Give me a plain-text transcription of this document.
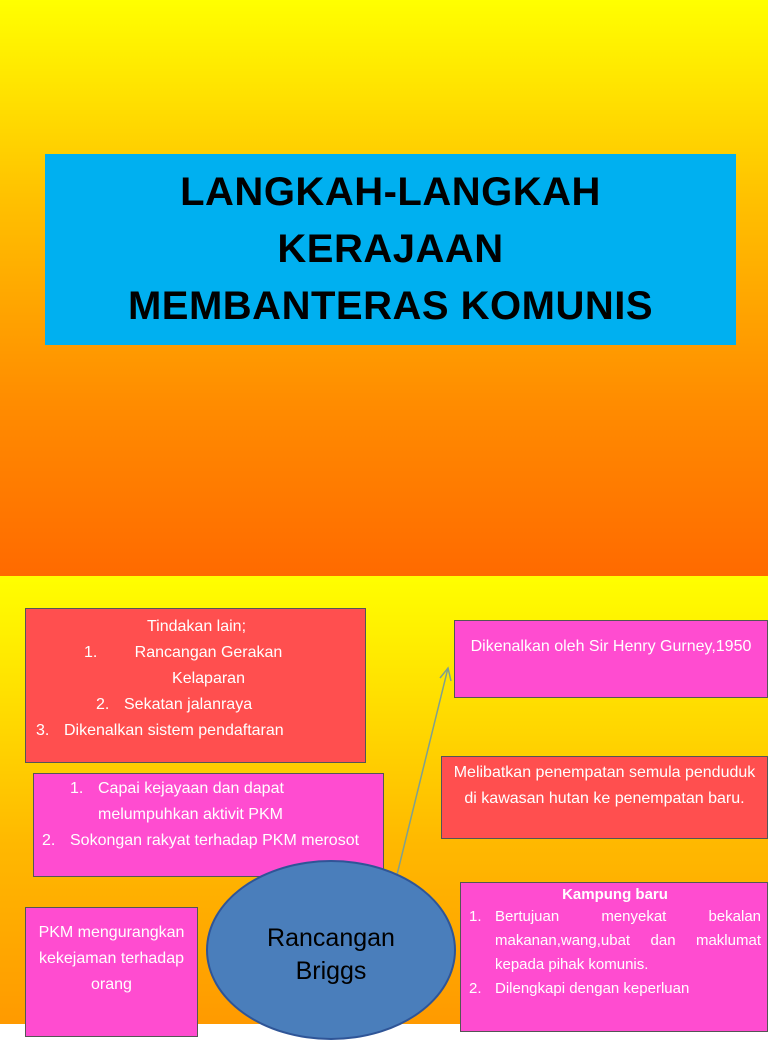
LANGKAH-LANGKAH
KERAJAAN
MEMBANTERAS KOMUNIS
Tindakan lain;
1.	Rancangan Gerakan Kelaparan
2. Sekatan jalanraya
3. Dikenalkan sistem pendaftaran
1. Capai kejayaan dan dapat melumpuhkan aktivit PKM
2. Sokongan rakyat terhadap PKM merosot
PKM mengurangkan kekejaman terhadap orang
Dikenalkan oleh Sir Henry Gurney,1950
Melibatkan penempatan semula penduduk di kawasan hutan ke penempatan baru.
Kampung baru
1. Bertujuan menyekat bekalan makanan,wang,ubat dan maklumat kepada pihak komunis.
2. Dilengkapi dengan keperluan
Rancangan
Briggs
